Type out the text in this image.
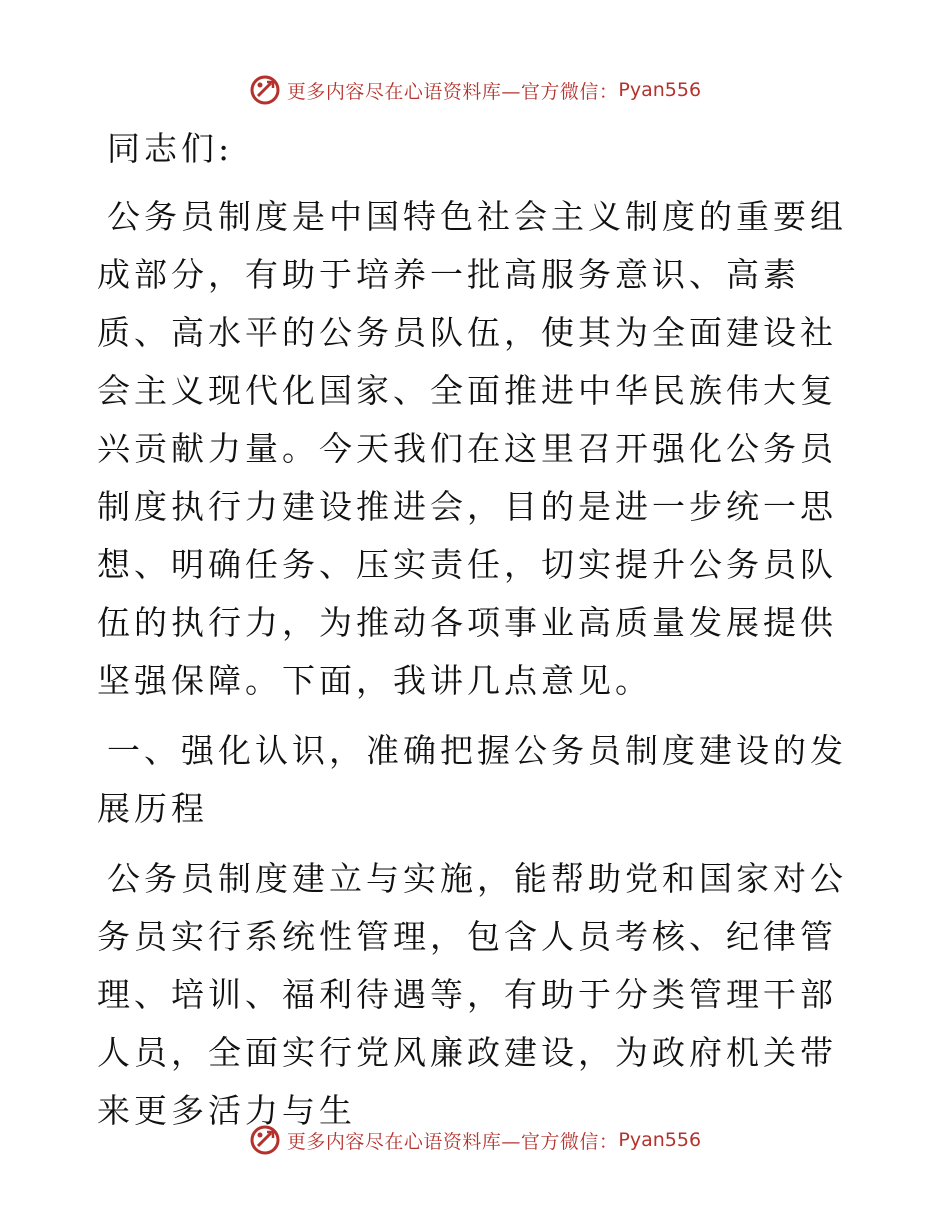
更多内容尽在心语资料库—官方微信： Pyan556

同志们:

公务员制度是中国特色社会主义制度的重要组成部分，有助于培养一批高服务意识、高素质、高水平的公务员队伍，使其为全面建设社会主义现代化国家、全面推进中华民族伟大复兴贡献力量。今天我们在这里召开强化公务员制度执行力建设推进会，目的是进一步统一思想、明确任务、压实责任，切实提升公务员队伍的执行力，为推动各项事业高质量发展提供坚强保障。下面，我讲几点意见。

一、强化认识，准确把握公务员制度建设的发展历程

公务员制度建立与实施，能帮助党和国家对公务员实行系统性管理，包含人员考核、纪律管理、培训、福利待遇等，有助于分类管理干部人员，全面实行党风廉政建设，为政府机关带来更多活力与生

更多内容尽在心语资料库—官方微信： Pyan556
